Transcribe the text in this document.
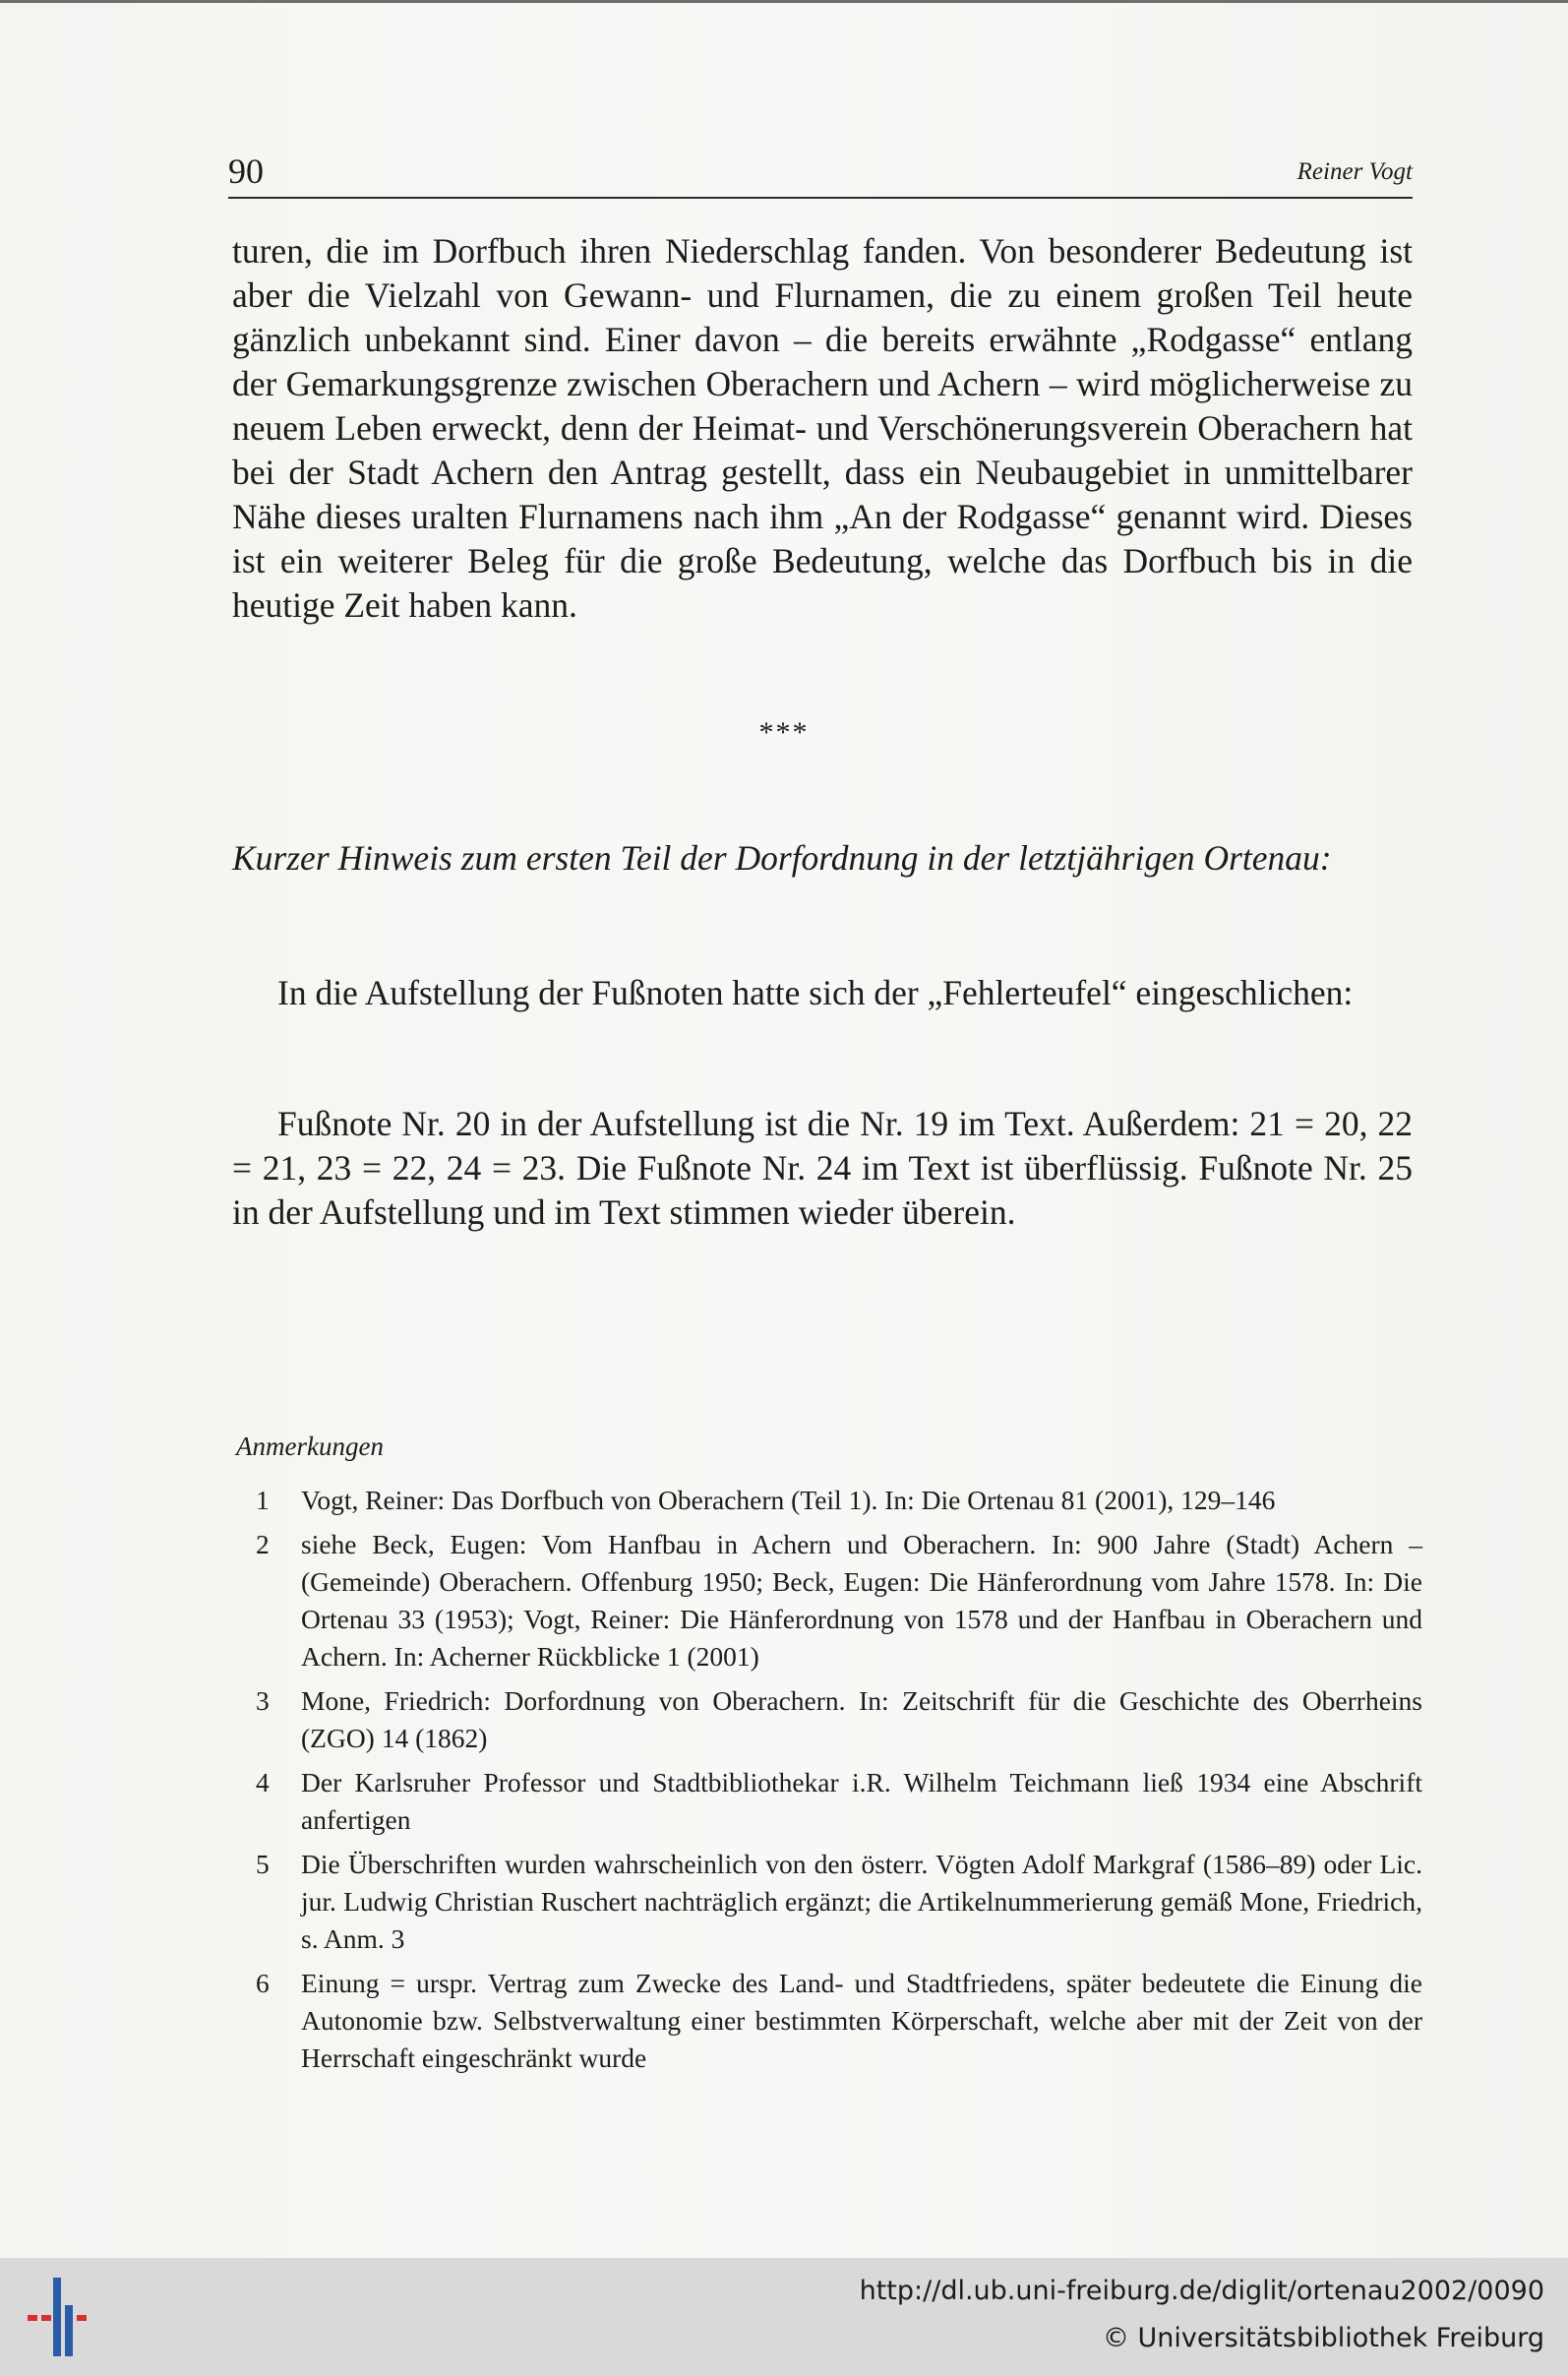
90	Reiner Vogt

turen, die im Dorfbuch ihren Niederschlag fanden. Von besonderer Bedeutung ist aber die Vielzahl von Gewann- und Flurnamen, die zu einem großen Teil heute gänzlich unbekannt sind. Einer davon – die bereits erwähnte „Rodgasse“ entlang der Gemarkungsgrenze zwischen Oberachern und Achern – wird möglicherweise zu neuem Leben erweckt, denn der Heimat- und Verschönerungsverein Oberachern hat bei der Stadt Achern den Antrag gestellt, dass ein Neubaugebiet in unmittelbarer Nähe dieses uralten Flurnamens nach ihm „An der Rodgasse“ genannt wird. Dieses ist ein weiterer Beleg für die große Bedeutung, welche das Dorfbuch bis in die heutige Zeit haben kann.

***

Kurzer Hinweis zum ersten Teil der Dorfordnung in der letztjährigen Ortenau:

In die Aufstellung der Fußnoten hatte sich der „Fehlerteufel“ eingeschlichen:

Fußnote Nr. 20 in der Aufstellung ist die Nr. 19 im Text. Außerdem: 21 = 20, 22 = 21, 23 = 22, 24 = 23. Die Fußnote Nr. 24 im Text ist überflüssig. Fußnote Nr. 25 in der Aufstellung und im Text stimmen wieder überein.

Anmerkungen
1 Vogt, Reiner: Das Dorfbuch von Oberachern (Teil 1). In: Die Ortenau 81 (2001), 129–146
2 siehe Beck, Eugen: Vom Hanfbau in Achern und Oberachern. In: 900 Jahre (Stadt) Achern – (Gemeinde) Oberachern. Offenburg 1950; Beck, Eugen: Die Hänferordnung vom Jahre 1578. In: Die Ortenau 33 (1953); Vogt, Reiner: Die Hänferordnung von 1578 und der Hanfbau in Oberachern und Achern. In: Acherner Rückblicke 1 (2001)
3 Mone, Friedrich: Dorfordnung von Oberachern. In: Zeitschrift für die Geschichte des Oberrheins (ZGO) 14 (1862)
4 Der Karlsruher Professor und Stadtbibliothekar i.R. Wilhelm Teichmann ließ 1934 eine Abschrift anfertigen
5 Die Überschriften wurden wahrscheinlich von den österr. Vögten Adolf Markgraf (1586–89) oder Lic. jur. Ludwig Christian Ruschert nachträglich ergänzt; die Artikelnummerierung gemäß Mone, Friedrich, s. Anm. 3
6 Einung = urspr. Vertrag zum Zwecke des Land- und Stadtfriedens, später bedeutete die Einung die Autonomie bzw. Selbstverwaltung einer bestimmten Körperschaft, welche aber mit der Zeit von der Herrschaft eingeschränkt wurde
http://dl.ub.uni-freiburg.de/diglit/ortenau2002/0090
© Universitätsbibliothek Freiburg
